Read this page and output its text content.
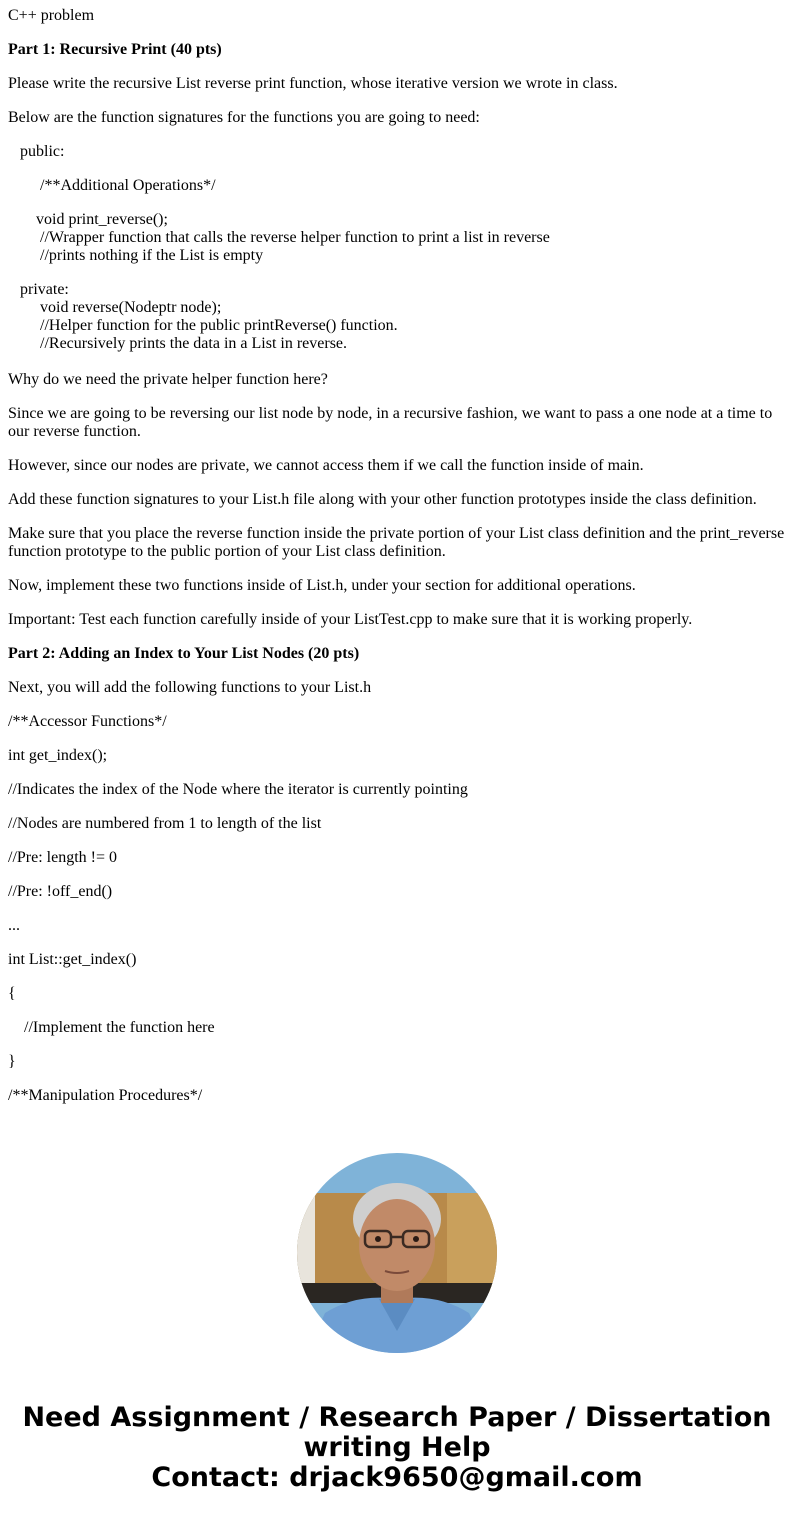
C++ problem
Part 1: Recursive Print (40 pts)
Please write the recursive List reverse print function, whose iterative version we wrote in class.
Below are the function signatures for the functions you are going to need:
public:
/**Additional Operations*/
void print_reverse();
//Wrapper function that calls the reverse helper function to print a list in reverse
//prints nothing if the List is empty
private:
void reverse(Nodeptr node);
//Helper function for the public printReverse() function.
//Recursively prints the data in a List in reverse.
Why do we need the private helper function here?
Since we are going to be reversing our list node by node, in a recursive fashion, we want to pass a one node at a time to our reverse function.
However, since our nodes are private, we cannot access them if we call the function inside of main.
Add these function signatures to your List.h file along with your other function prototypes inside the class definition.
Make sure that you place the reverse function inside the private portion of your List class definition and the print_reverse function prototype to the public portion of your List class definition.
Now, implement these two functions inside of List.h, under your section for additional operations.
Important: Test each function carefully inside of your ListTest.cpp to make sure that it is working properly.
Part 2: Adding an Index to Your List Nodes (20 pts)
Next, you will add the following functions to your List.h
/**Accessor Functions*/
int get_index();
//Indicates the index of the Node where the iterator is currently pointing
//Nodes are numbered from 1 to length of the list
//Pre: length != 0
//Pre: !off_end()
...
int List::get_index()
{
//Implement the function here
}
/**Manipulation Procedures*/
Need Assignment / Research Paper / Dissertation
writing Help
Contact: drjack9650@gmail.com
